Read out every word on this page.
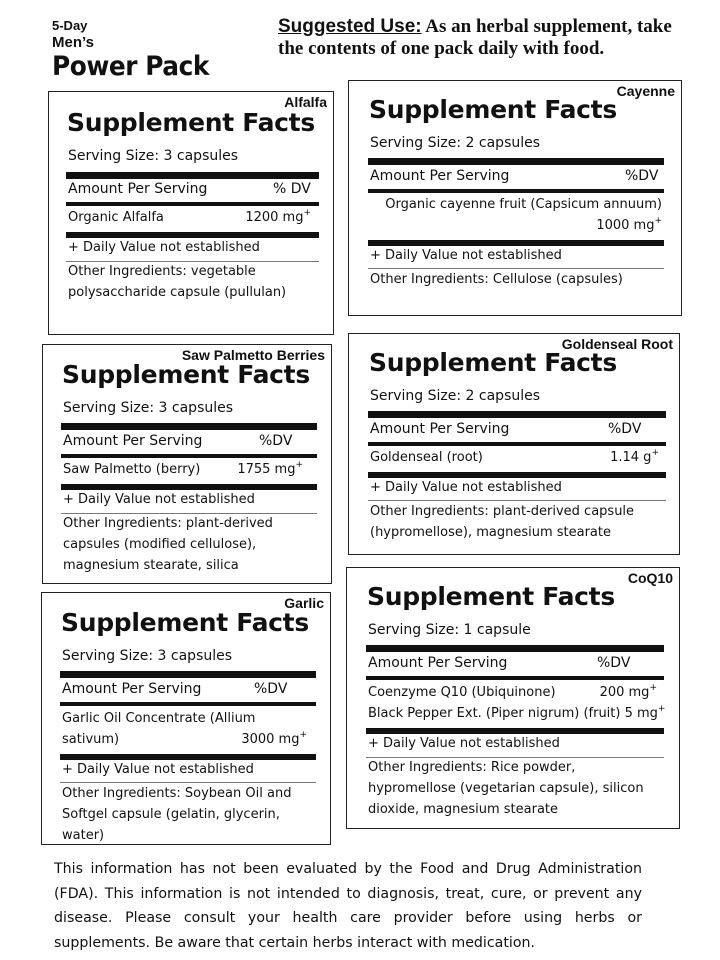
5-Day
Men’s
Power Pack
Suggested Use: As an herbal supplement, take the contents of one pack daily with food.
Alfalfa
Supplement Facts
Serving Size: 3 capsules
Amount Per Serving	% DV
Organic Alfalfa	1200 mg+
+ Daily Value not established
Other Ingredients: vegetable
polysaccharide capsule (pullulan)
Cayenne
Supplement Facts
Serving Size: 2 capsules
Amount Per Serving	%DV
Organic cayenne fruit (Capsicum annuum)
1000 mg+
+ Daily Value not established
Other Ingredients: Cellulose (capsules)
Saw Palmetto Berries
Supplement Facts
Serving Size: 3 capsules
Amount Per Serving	%DV
Saw Palmetto (berry)	1755 mg+
+ Daily Value not established
Other Ingredients: plant-derived
capsules (modified cellulose),
magnesium stearate, silica
Goldenseal Root
Supplement Facts
Serving Size: 2 capsules
Amount Per Serving	%DV
Goldenseal (root)	1.14 g+
+ Daily Value not established
Other Ingredients: plant-derived capsule
(hypromellose), magnesium stearate
Garlic
Supplement Facts
Serving Size: 3 capsules
Amount Per Serving	%DV
Garlic Oil Concentrate (Allium
sativum)	3000 mg+
+ Daily Value not established
Other Ingredients: Soybean Oil and
Softgel capsule (gelatin, glycerin,
water)
CoQ10
Supplement Facts
Serving Size: 1 capsule
Amount Per Serving	%DV
Coenzyme Q10 (Ubiquinone)	200 mg+
Black Pepper Ext. (Piper nigrum) (fruit) 5 mg+
+ Daily Value not established
Other Ingredients: Rice powder,
hypromellose (vegetarian capsule), silicon
dioxide, magnesium stearate
This information has not been evaluated by the Food and Drug Administration (FDA). This information is not intended to diagnosis, treat, cure, or prevent any disease. Please consult your health care provider before using herbs or supplements. Be aware that certain herbs interact with medication.
